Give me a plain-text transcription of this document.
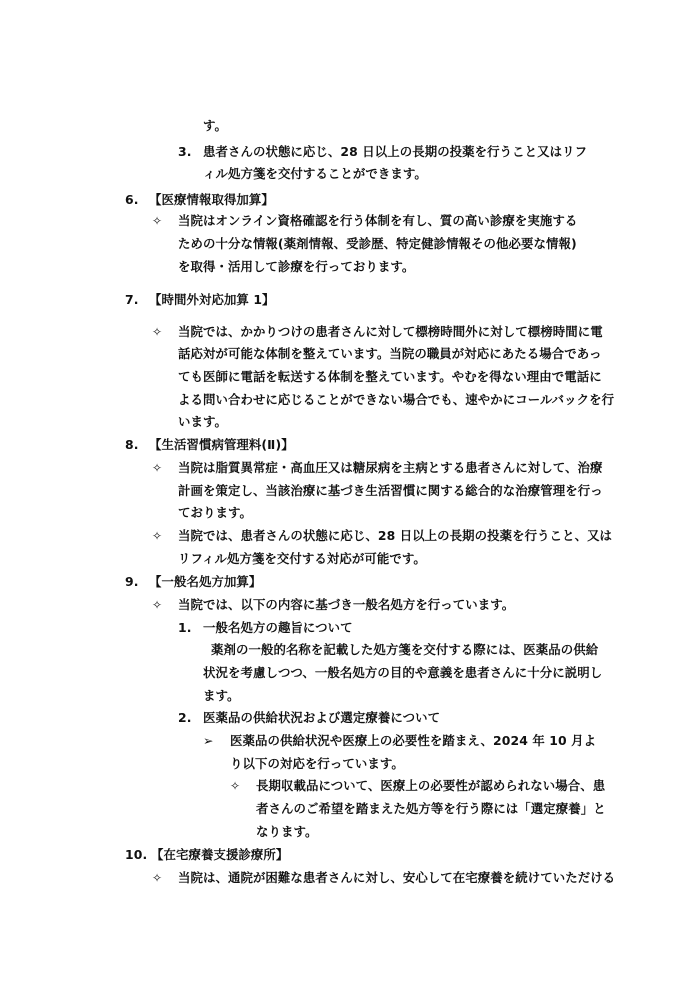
す。
3. 患者さんの状態に応じ、28 日以上の長期の投薬を行うこと又はリフ
ィル処方箋を交付することができます。
6. 【医療情報取得加算】
✧ 当院はオンライン資格確認を行う体制を有し、質の高い診療を実施する
ための十分な情報(薬剤情報、受診歴、特定健診情報その他必要な情報)
を取得・活用して診療を行っております。
7. 【時間外対応加算 1】
✧ 当院では、かかりつけの患者さんに対して標榜時間外に対して標榜時間に電
話応対が可能な体制を整えています。当院の職員が対応にあたる場合であっ
ても医師に電話を転送する体制を整えています。やむを得ない理由で電話に
よる問い合わせに応じることができない場合でも、速やかにコールバックを行
います。
8. 【生活習慣病管理料(Ⅱ)】
✧ 当院は脂質異常症・高血圧又は糖尿病を主病とする患者さんに対して、治療
計画を策定し、当該治療に基づき生活習慣に関する総合的な治療管理を行っ
ております。
✧ 当院では、患者さんの状態に応じ、28 日以上の長期の投薬を行うこと、又は
リフィル処方箋を交付する対応が可能です。
9. 【一般名処方加算】
✧ 当院では、以下の内容に基づき一般名処方を行っています。
1. 一般名処方の趣旨について
薬剤の一般的名称を記載した処方箋を交付する際には、医薬品の供給
状況を考慮しつつ、一般名処方の目的や意義を患者さんに十分に説明し
ます。
2. 医薬品の供給状況および選定療養について
➢ 医薬品の供給状況や医療上の必要性を踏まえ、2024 年 10 月よ
り以下の対応を行っています。
✧ 長期収載品について、医療上の必要性が認められない場合、患
者さんのご希望を踏まえた処方等を行う際には「選定療養」と
なります。
10. 【在宅療養支援診療所】
✧ 当院は、通院が困難な患者さんに対し、安心して在宅療養を続けていただける
